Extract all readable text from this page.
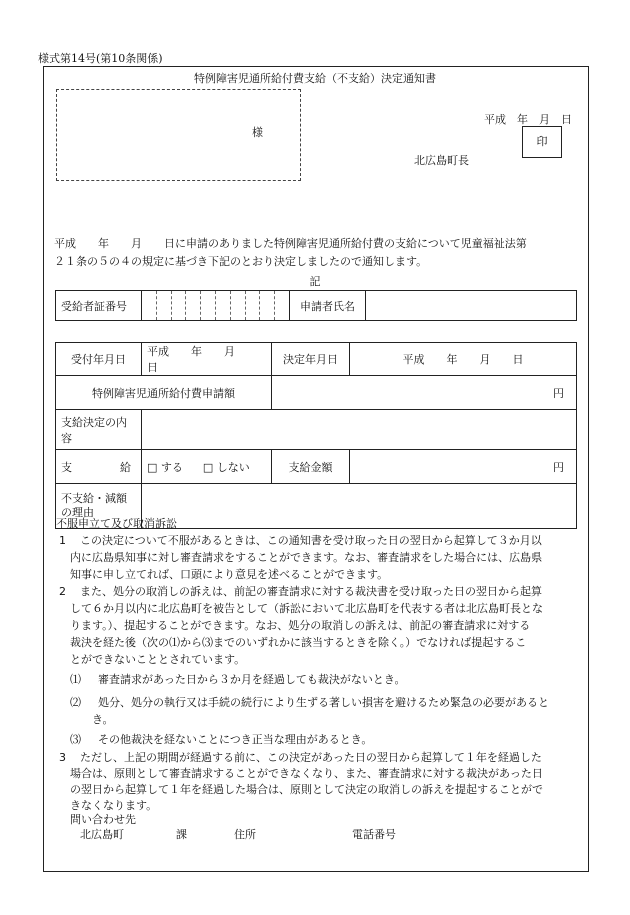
様式第14号(第10条関係)
特例障害児通所給付費支給（不支給）決定通知書
様
平成　年　月　日
印
北広島町長
平成　　年　　月　　日に申請のありました特例障害児通所給付費の支給について児童福祉法第
２１条の５の４の規定に基づき下記のとおり決定しましたので通知します。
記
受給者証番号		申請者氏名	
受付年月日	平成　　年　　月　　日	決定年月日	平成　　年　　月　　日
特例障害児通所給付費申請額		円	
支給決定の内容			
支 給	□ する □ しない	支給金額	円
不支給・減額
の理由			
不服申立て及び取消訴訟
1 この決定について不服があるときは、この通知書を受け取った日の翌日から起算して３か月以
内に広島県知事に対し審査請求をすることができます。なお、審査請求をした場合には、広島県
知事に申し立てれば、口頭により意見を述べることができます。
2 また、処分の取消しの訴えは、前記の審査請求に対する裁決書を受け取った日の翌日から起算
して６か月以内に北広島町を被告として（訴訟において北広島町を代表する者は北広島町長とな
ります。）、提起することができます。なお、処分の取消しの訴えは、前記の審査請求に対する
裁決を経た後（次の⑴から⑶までのいずれかに該当するときを除く。）でなければ提起するこ
とができないこととされています。
⑴ 審査請求があった日から３か月を経過しても裁決がないとき。
⑵ 処分、処分の執行又は手続の続行により生ずる著しい損害を避けるため緊急の必要があると
き。
⑶ その他裁決を経ないことにつき正当な理由があるとき。
3 ただし、上記の期間が経過する前に、この決定があった日の翌日から起算して１年を経過した
場合は、原則として審査請求することができなくなり、また、審査請求に対する裁決があった日
の翌日から起算して１年を経過した場合は、原則として決定の取消しの訴えを提起することがで
きなくなります。
問い合わせ先
北広島町	課	住所	電話番号
